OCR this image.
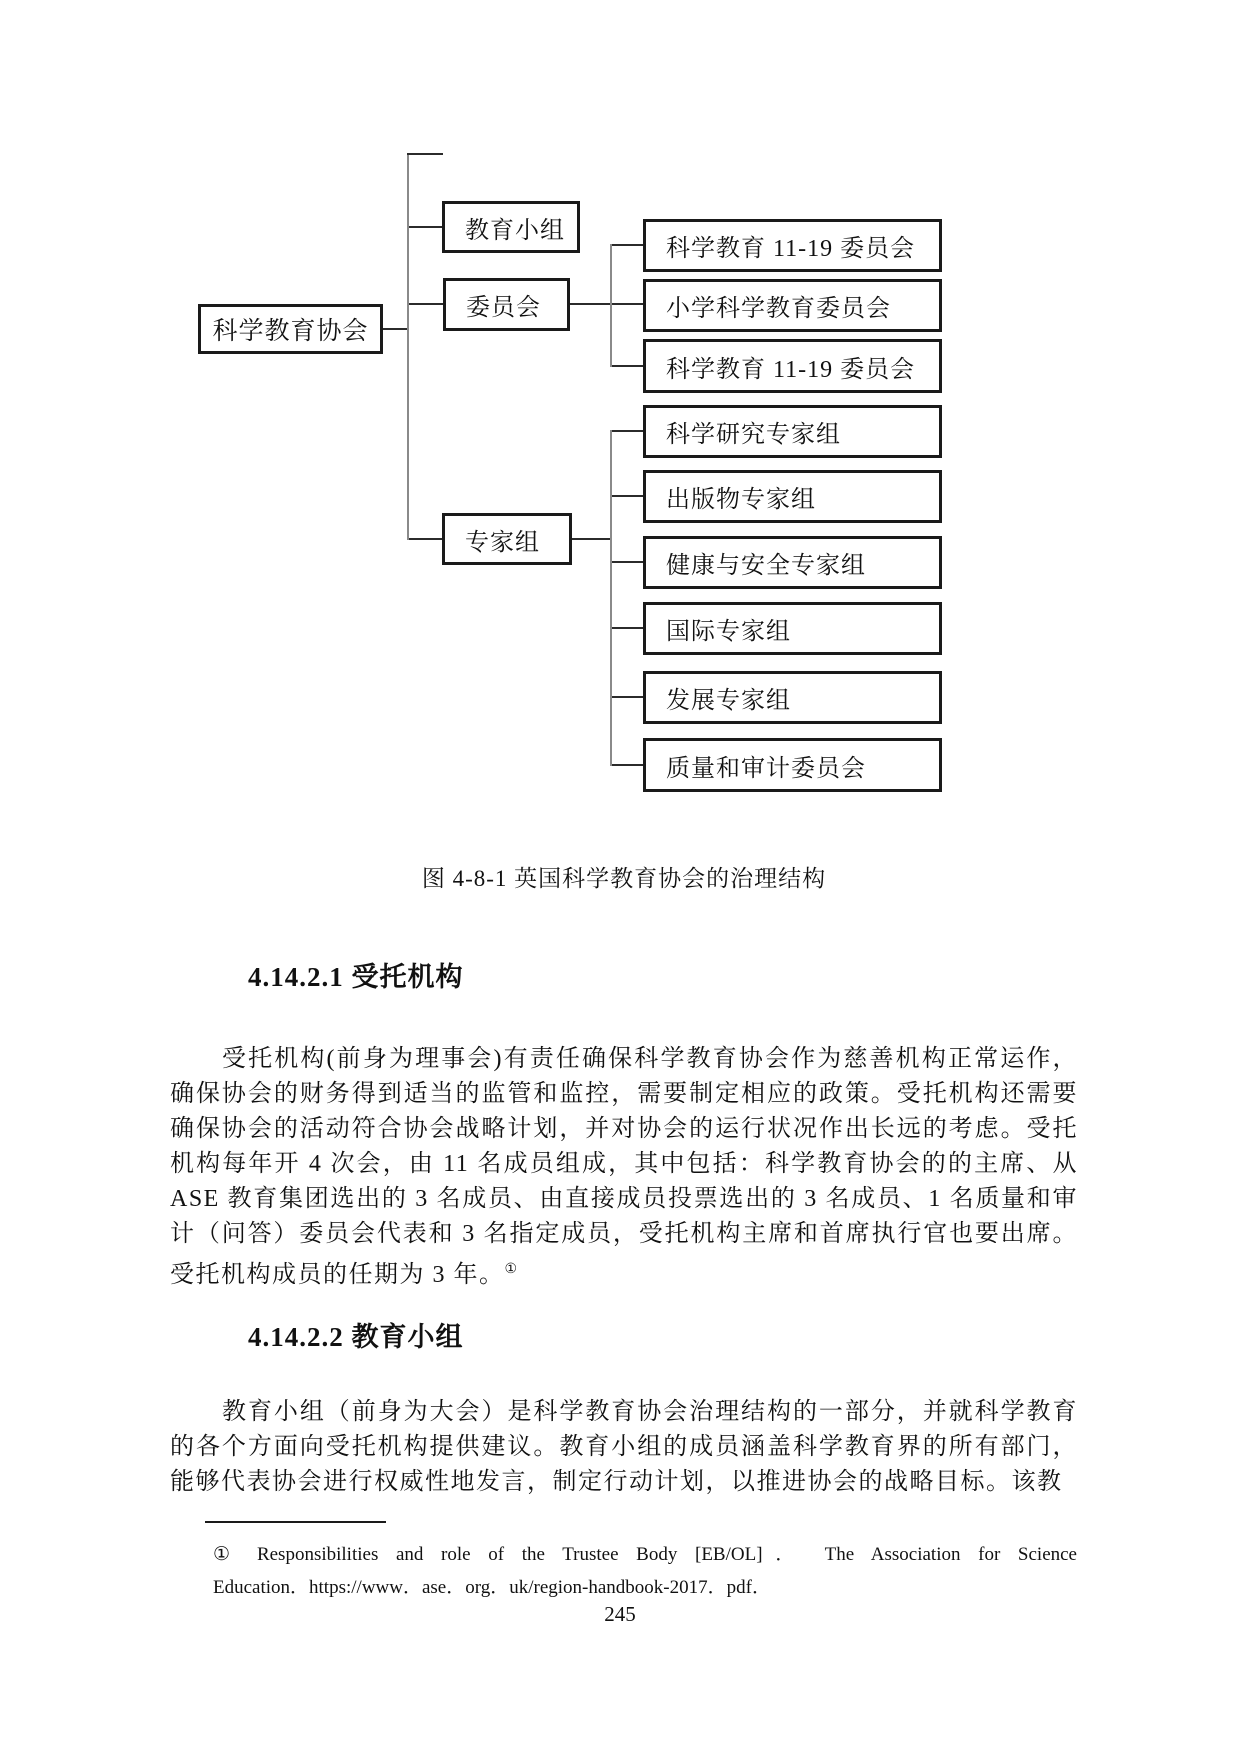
科学教育协会
教育小组
委员会
专家组
科学教育 11-19 委员会
小学科学教育委员会
科学教育 11-19 委员会
科学研究专家组
出版物专家组
健康与安全专家组
国际专家组
发展专家组
质量和审计委员会
图 4-8-1 英国科学教育协会的治理结构
4.14.2.1 受托机构
受托机构(前身为理事会)有责任确保科学教育协会作为慈善机构正常运作，确保协会的财务得到适当的监管和监控，需要制定相应的政策。受托机构还需要确保协会的活动符合协会战略计划，并对协会的运行状况作出长远的考虑。受托机构每年开 4 次会，由 11 名成员组成，其中包括：科学教育协会的的主席、从 ASE 教育集团选出的 3 名成员、由直接成员投票选出的 3 名成员、1 名质量和审计（问答）委员会代表和 3 名指定成员，受托机构主席和首席执行官也要出席。受托机构成员的任期为 3 年。①
4.14.2.2 教育小组
教育小组（前身为大会）是科学教育协会治理结构的一部分，并就科学教育的各个方面向受托机构提供建议。教育小组的成员涵盖科学教育界的所有部门，能够代表协会进行权威性地发言，制定行动计划，以推进协会的战略目标。该教
① Responsibilities and role of the Trustee Body [EB/OL]． The Association for Science
Education．https://www．ase．org．uk/region-handbook-2017．pdf．
245
